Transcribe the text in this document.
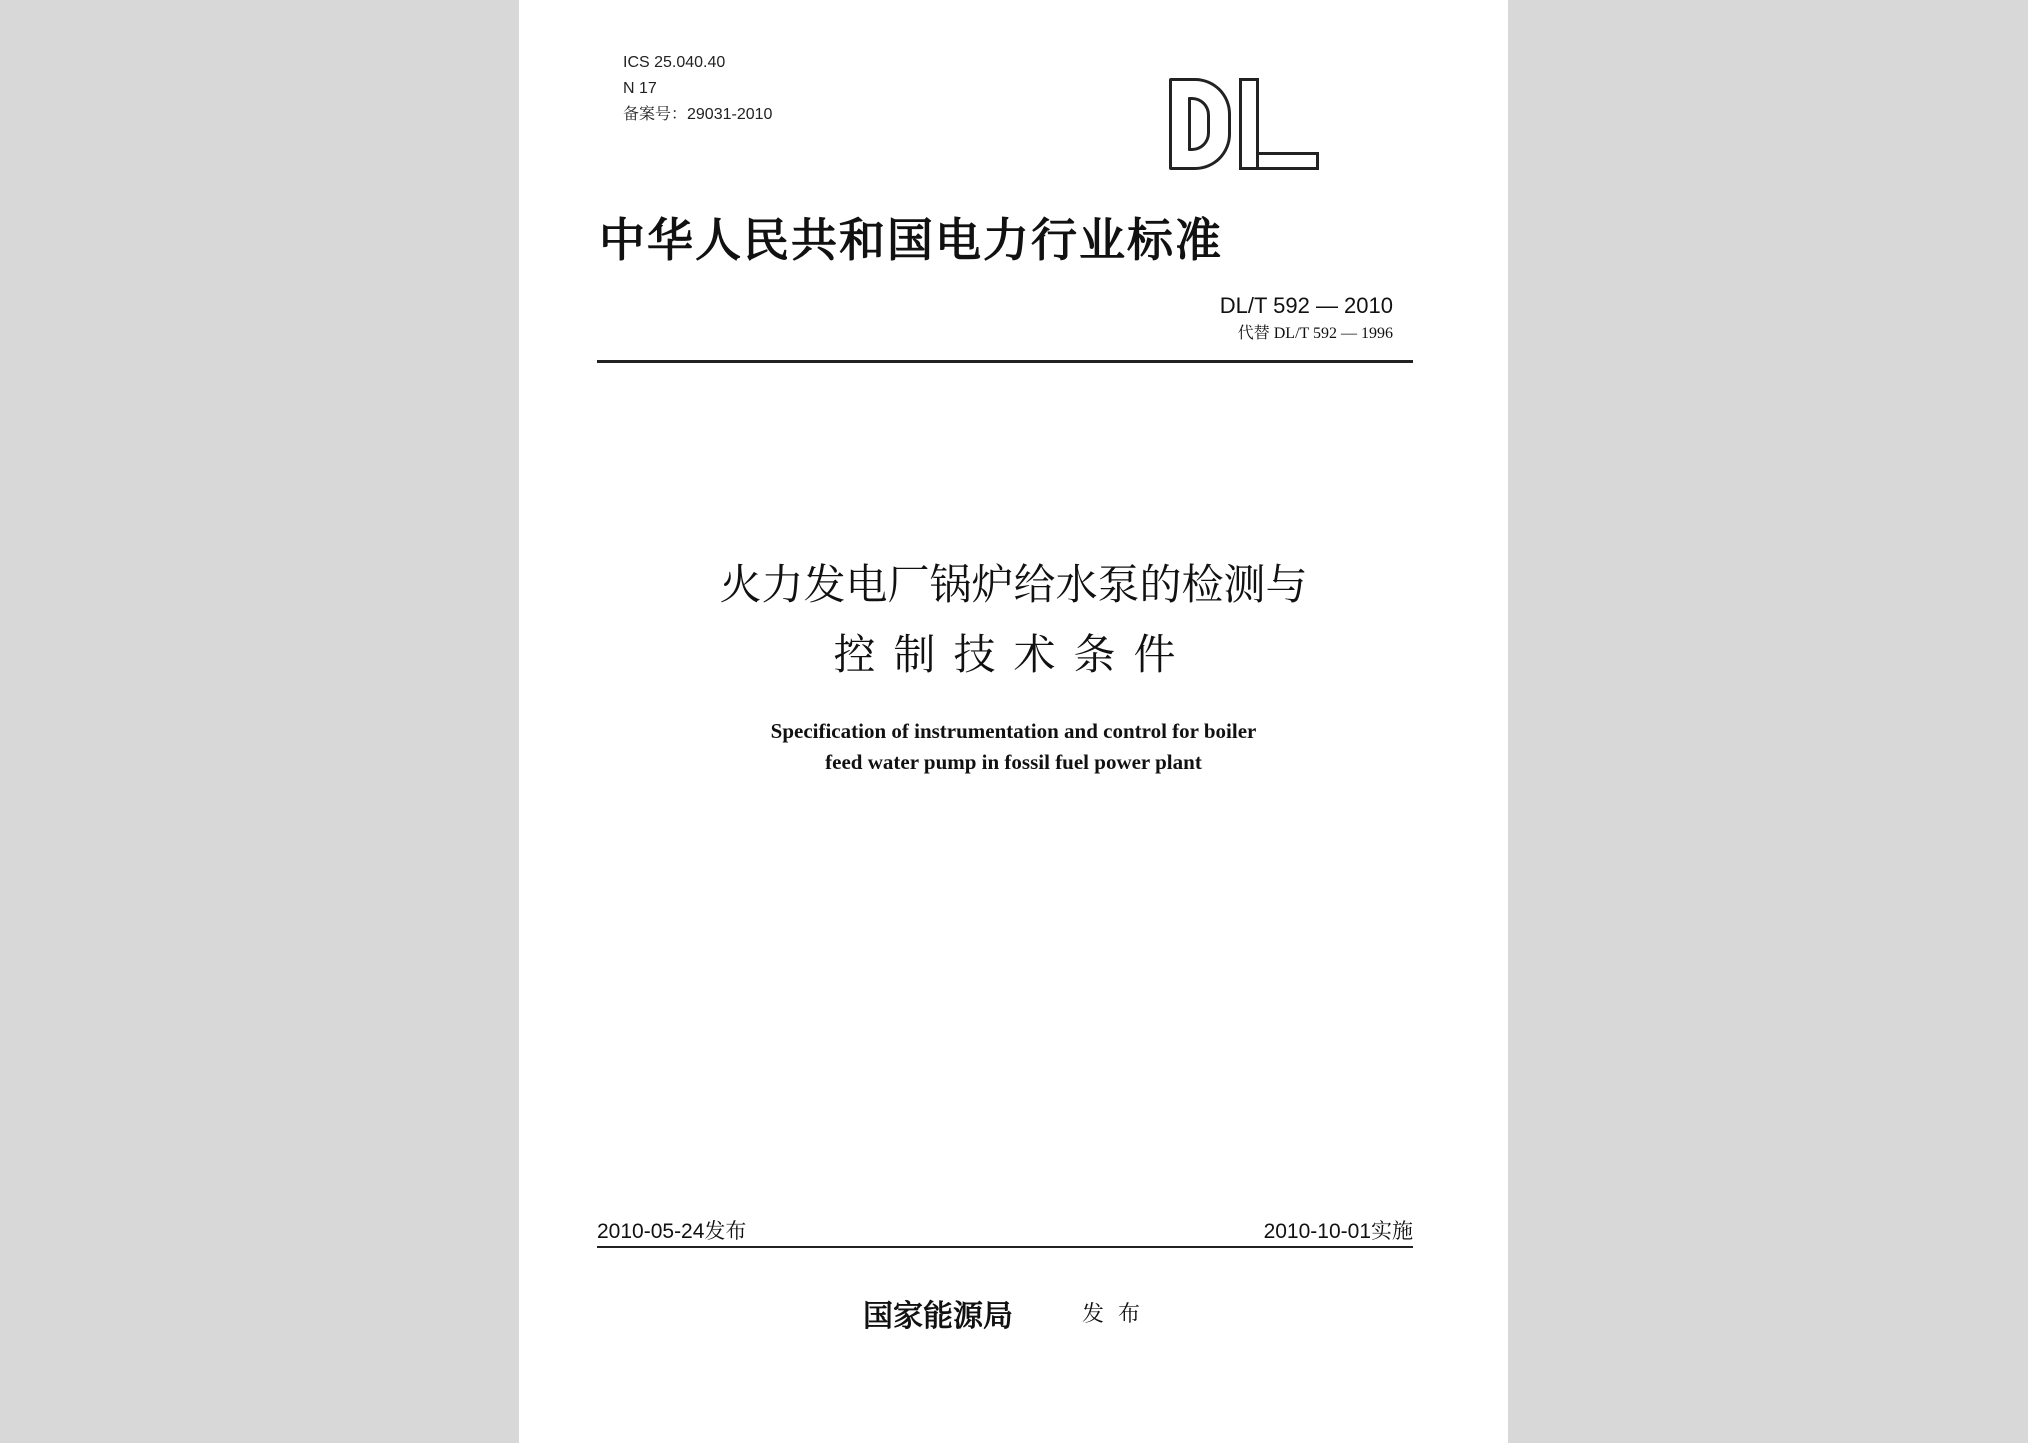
ICS 25.040.40
N 17
备案号：29031-2010
中华人民共和国电力行业标准
DL/T 592 — 2010
代替 DL/T 592 — 1996
火力发电厂锅炉给水泵的检测与
控制技术条件
Specification of instrumentation and control for boiler
feed water pump in fossil fuel power plant
2010-05-24发布	2010-10-01实施
国家能源局	发布
